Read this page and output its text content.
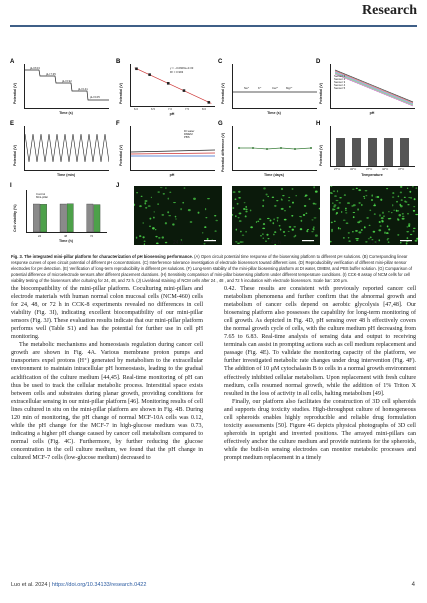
Research
A
Potential (V)
pH 8.03
pH 7.35
pH 6.92
pH 6.41
pH 6.05
Time (s)
B
Potential (V)
y = −0.0606x+0.33
R² = 0.993
6.0	6.5	7.0	7.5	8.0
pH
C
Potential (V)	Na⁺	K⁺	Ca²⁺	Mg²⁺
Time (s)
D
Potential (V)
Sensor 1
Sensor 2
Sensor 3
Sensor 4
Sensor 5
pH
E
Potential (V)
Time (min)
F
Potential (V)
DI water
DMEM
PBS
pH
G
Potential difference (V)
Time (days)
H
Potential (V)
27°C	32°C	37°C	42°C	47°C
Temperature
I
Cell viability (%)
Control
Mini-pillar
24	48	72
Time (h)
J
24 h	48 h	72 h
Fig. 3. The integrated mini-pillar platform for characterization of pH biosensing performance. (A) Open circuit potential time response of the biosensing platform to different pH solutions. (B) Corresponding linear response curves of open circuit potential of different pH concentrations. (C) Interference tolerance investigation of electrode biosensors toward different ions. (D) Reproducibility verification of different mini-pillar sensor electrodes for pH detection. (E) Verification of long-term reproducibility in different pH solutions. (F) Long-term stability of the mini-pillar biosensing platform at DI water, DMEM, and PBS buffer solution. (G) Comparison of potential difference of microelectrode sensors after different placement durations. (H) Sensitivity comparison of mini-pillar biosensing platform under different temperature conditions. (I) CCK-8 assay of NCM cells for cell viability testing of the biosensors after culturing for 24, 48, and 72 h. (J) Live/dead staining of NCM cells after 24 , 48 , and 72 h incubation with electrode biosensors. Scale bar: 100 μm.

the biocompatibility of the mini-pillar platform. Coculturing mini-pillars and electrode materials with human normal colon mucosal cells (NCM-460) cells for 24, 48, or 72 h in CCK-8 experiments revealed no differences in cell viability (Fig. 3I), indicating excellent biocompatibility of our mini-pillar sensors (Fig. 3J). These evaluation results indicate that our mini-pillar platform performs well (Table S1) and has the potential for further use in cell pH monitoring.

The metabolic mechanisms and homeostasis regulation during cancer cell growth are shown in Fig. 4A. Various membrane proton pumps and transporters expel protons (H⁺) generated by metabolism to the extracellular environment to maintain intracellular pH homeostasis, leading to the gradual acidification of the culture medium [44,45]. Real-time monitoring of pH can thus be used to track the cellular metabolic process. Interstitial space exists between cells and substrates during planar growth, providing conditions for extracellular sensing in our mini-pillar platform [46]. Monitoring results of cell lines cultured in situ on the mini-pillar platform are shown in Fig. 4B. During 120 min of monitoring, the pH change of normal MCF-10A cells was 0.12, while the pH change for the MCF-7 in high-glucose medium was 0.73, indicating a higher pH change caused by cancer cell metabolism compared to normal cells (Fig. 4C). Furthermore, by further reducing the glucose concentration in the cell culture medium, we found that the pH change in cultured MCF-7 cells (low-glucose medium) decreased to

0.42. These results are consistent with previously reported cancer cell metabolism phenomena and further confirm that the abnormal growth and metabolism of cancer cells depend on aerobic glycolysis [47,48]. Our biosensing platform also possesses the capability for long-term monitoring of cell growth. As depicted in Fig. 4D, pH sensing over 48 h effectively covers the normal growth cycle of cells, with the culture medium pH decreasing from 7.65 to 6.83. Real-time analysis of sensing data and output to receiving terminals can assist in prompting actions such as cell medium replacement and passage (Fig. 4E). To validate the monitoring capacity of the platform, we further investigated metabolic rate changes under drug intervention (Fig. 4F). The addition of 10 μM cytochalasin B to cells in a normal growth environment effectively inhibited cellular metabolism. Upon replacement with fresh culture medium, cells resumed normal growth, while the addition of 1% Triton X resulted in the loss of activity in all cells, halting metabolism [49].

Finally, our platform also facilitates the construction of 3D cell spheroids and supports drug toxicity studies. High-throughput culture of homogeneous cell spheroids enables highly reproducible and reliable drug formulation toxicity assessments [50]. Figure 4G depicts physical photographs of 3D cell spheroids in upright and inverted positions. The arrayed mini-pillars can effectively anchor the culture medium and provide nutrients for the spheroids, while the built-in sensing electrodes can monitor metabolic processes and prompt medium replacement in a timely

Luo et al. 2024 | https://doi.org/10.34133/research.0422	4
